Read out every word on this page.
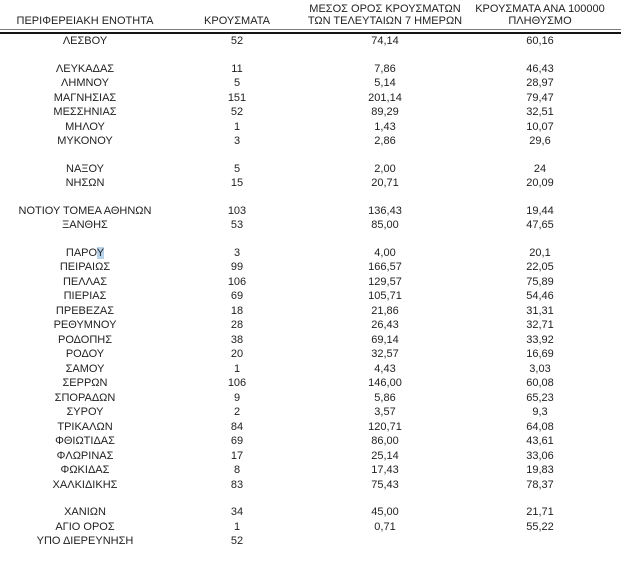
ΠΕΡΙΦΕΡΕΙΑΚΗ ΕΝΟΤΗΤΑ	ΚΡΟΥΣΜΑΤΑ
ΜΕΣΟΣ ΟΡΟΣ ΚΡΟΥΣΜΑΤΩΝ
ΤΩΝ ΤΕΛΕΥΤΑΙΩΝ 7 ΗΜΕΡΩΝ
ΚΡΟΥΣΜΑΤΑ ΑΝΑ 100000
ΠΛΗΘΥΣΜΟ
ΛΕΣΒΟΥ	52	74,14	60,16
ΛΕΥΚΑΔΑΣ	11	7,86	46,43
ΛΗΜΝΟΥ	5	5,14	28,97
ΜΑΓΝΗΣΙΑΣ	151	201,14	79,47
ΜΕΣΣΗΝΙΑΣ	52	89,29	32,51
ΜΗΛΟΥ	1	1,43	10,07
ΜΥΚΟΝΟΥ	3	2,86	29,6
ΝΑΞΟΥ	5	2,00	24
ΝΗΣΩΝ	15	20,71	20,09
ΝΟΤΙΟΥ ΤΟΜΕΑ ΑΘΗΝΩΝ	103	136,43	19,44
ΞΑΝΘΗΣ	53	85,00	47,65
ΠΑΡΟΥ	3	4,00	20,1
ΠΕΙΡΑΙΩΣ	99	166,57	22,05
ΠΕΛΛΑΣ	106	129,57	75,89
ΠΙΕΡΙΑΣ	69	105,71	54,46
ΠΡΕΒΕΖΑΣ	18	21,86	31,31
ΡΕΘΥΜΝΟΥ	28	26,43	32,71
ΡΟΔΟΠΗΣ	38	69,14	33,92
ΡΟΔΟΥ	20	32,57	16,69
ΣΑΜΟΥ	1	4,43	3,03
ΣΕΡΡΩΝ	106	146,00	60,08
ΣΠΟΡΑΔΩΝ	9	5,86	65,23
ΣΥΡΟΥ	2	3,57	9,3
ΤΡΙΚΑΛΩΝ	84	120,71	64,08
ΦΘΙΩΤΙΔΑΣ	69	86,00	43,61
ΦΛΩΡΙΝΑΣ	17	25,14	33,06
ΦΩΚΙΔΑΣ	8	17,43	19,83
ΧΑΛΚΙΔΙΚΗΣ	83	75,43	78,37
ΧΑΝΙΩΝ	34	45,00	21,71
ΑΓΙΟ ΟΡΟΣ	1	0,71	55,22
ΥΠΟ ΔΙΕΡΕΥΝΗΣΗ	52
